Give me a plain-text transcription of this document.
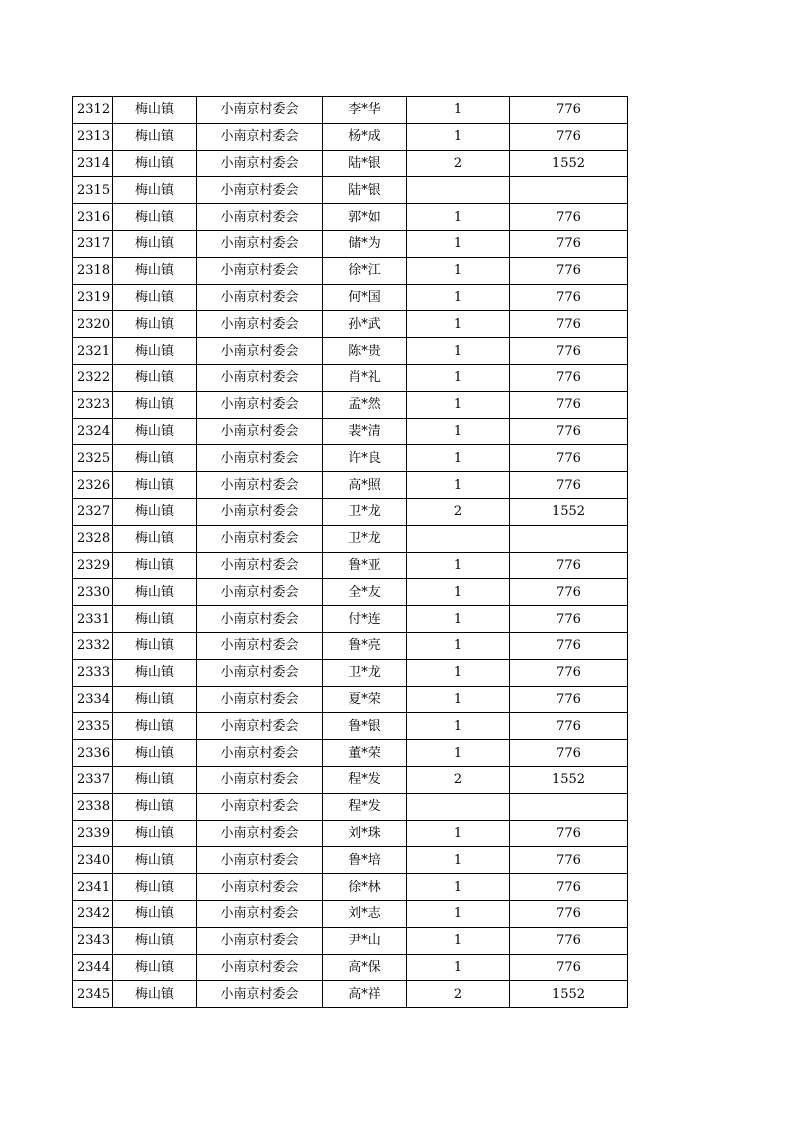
2312	梅山镇	小南京村委会	李*华	1	776
2313	梅山镇	小南京村委会	杨*成	1	776
2314	梅山镇	小南京村委会	陆*银	2	1552
2315	梅山镇	小南京村委会	陆*银		
2316	梅山镇	小南京村委会	郭*如	1	776
2317	梅山镇	小南京村委会	储*为	1	776
2318	梅山镇	小南京村委会	徐*江	1	776
2319	梅山镇	小南京村委会	何*国	1	776
2320	梅山镇	小南京村委会	孙*武	1	776
2321	梅山镇	小南京村委会	陈*贵	1	776
2322	梅山镇	小南京村委会	肖*礼	1	776
2323	梅山镇	小南京村委会	孟*然	1	776
2324	梅山镇	小南京村委会	裴*清	1	776
2325	梅山镇	小南京村委会	许*良	1	776
2326	梅山镇	小南京村委会	高*照	1	776
2327	梅山镇	小南京村委会	卫*龙	2	1552
2328	梅山镇	小南京村委会	卫*龙		
2329	梅山镇	小南京村委会	鲁*亚	1	776
2330	梅山镇	小南京村委会	全*友	1	776
2331	梅山镇	小南京村委会	付*连	1	776
2332	梅山镇	小南京村委会	鲁*亮	1	776
2333	梅山镇	小南京村委会	卫*龙	1	776
2334	梅山镇	小南京村委会	夏*荣	1	776
2335	梅山镇	小南京村委会	鲁*银	1	776
2336	梅山镇	小南京村委会	董*荣	1	776
2337	梅山镇	小南京村委会	程*发	2	1552
2338	梅山镇	小南京村委会	程*发		
2339	梅山镇	小南京村委会	刘*珠	1	776
2340	梅山镇	小南京村委会	鲁*培	1	776
2341	梅山镇	小南京村委会	徐*林	1	776
2342	梅山镇	小南京村委会	刘*志	1	776
2343	梅山镇	小南京村委会	尹*山	1	776
2344	梅山镇	小南京村委会	高*保	1	776
2345	梅山镇	小南京村委会	高*祥	2	1552
